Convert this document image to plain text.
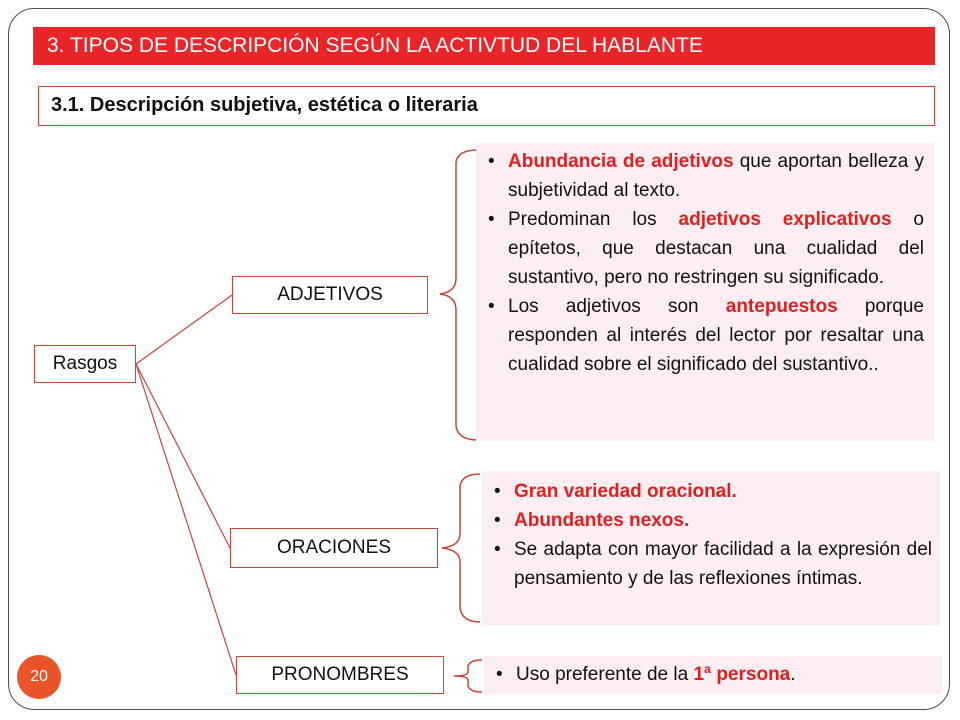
3. TIPOS DE DESCRIPCIÓN SEGÚN LA ACTIVTUD DEL HABLANTE
3.1. Descripción subjetiva, estética o literaria
Rasgos
ADJETIVOS
ORACIONES
PRONOMBRES
• Abundancia de adjetivos que aportan belleza y subjetividad al texto.
• Predominan los adjetivos explicativos o epítetos, que destacan una cualidad del sustantivo, pero no restringen su significado.
• Los adjetivos son antepuestos porque responden al interés del lector por resaltar una cualidad sobre el significado del sustantivo..
• Gran variedad oracional.
• Abundantes nexos.
• Se adapta con mayor facilidad a la expresión del pensamiento y de las reflexiones íntimas.
• Uso preferente de la 1ª persona.
20
